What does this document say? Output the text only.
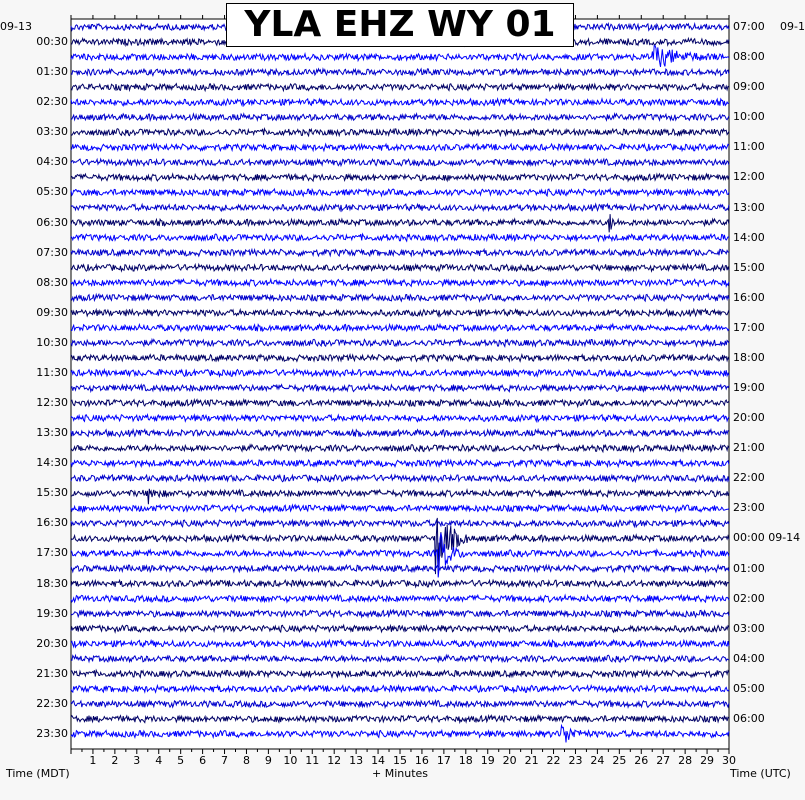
YLA EHZ WY 01
1 2 3 4 5 6 7 8 9 10 11 12 13 14 15 16 17 18 19 20 21 22 23 24 25 26 27 28 29 30
00:30
01:30
02:30
03:30
04:30
05:30
06:30
07:30
08:30
09:30
10:30
11:30
12:30
13:30
14:30
15:30
16:30
17:30
18:30
19:30
20:30
21:30
22:30
23:30
07:00
08:00
09:00
10:00
11:00
12:00
13:00
14:00
15:00
16:00
17:00
18:00
19:00
20:00
21:00
22:00
23:00
00:00 09-14
01:00
02:00
03:00
04:00
05:00
06:00
09-13	09-1
Time (MDT)	Time (UTC)
+ Minutes
